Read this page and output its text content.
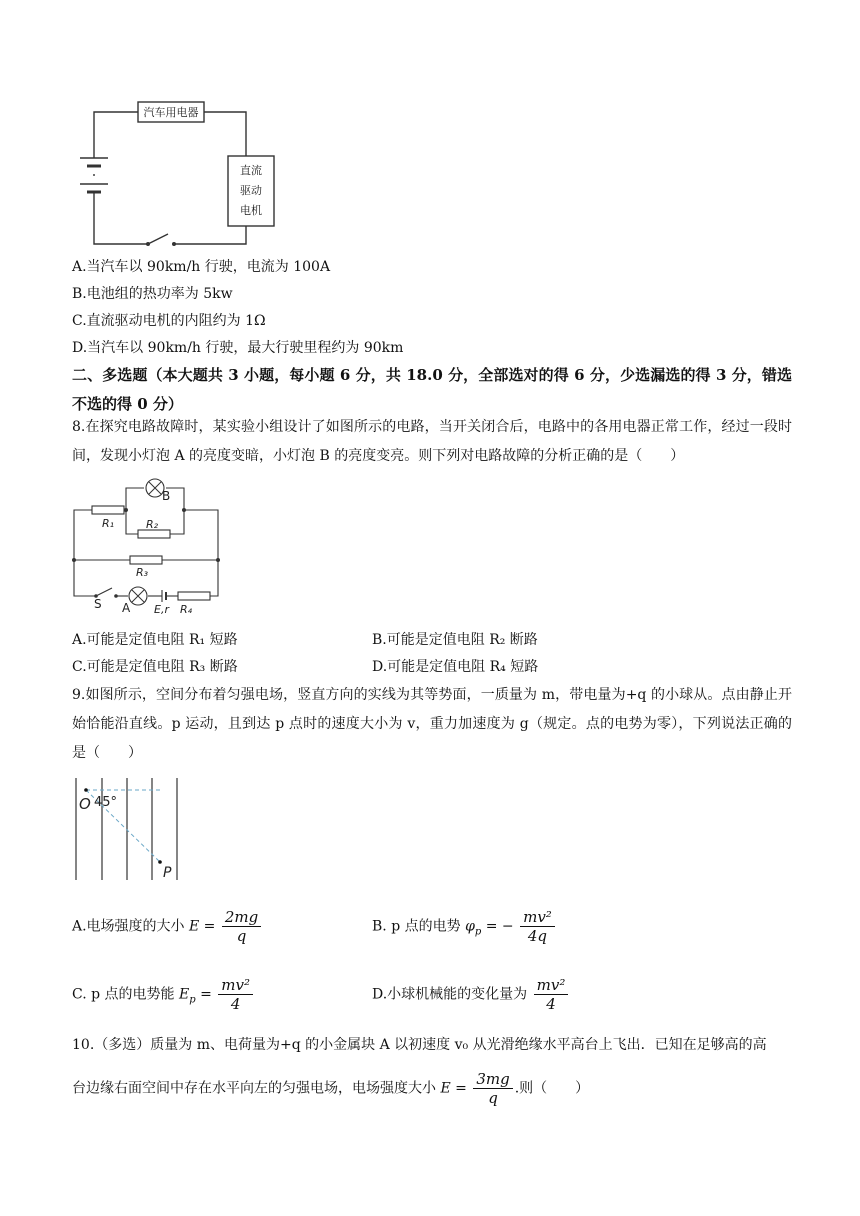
汽车用电器
直流
驱动
电机
A.当汽车以 90km/h 行驶，电流为 100A
B.电池组的热功率为 5kw
C.直流驱动电机的内阻约为 1Ω
D.当汽车以 90km/h 行驶，最大行驶里程约为 90km
二、多选题（本大题共 3 小题，每小题 6 分，共 18.0 分，全部选对的得 6 分，少选漏选的得 3 分，错选不选的得 0 分）
8.在探究电路故障时，某实验小组设计了如图所示的电路，当开关闭合后，电路中的各用电器正常工作，经过一段时间，发现小灯泡 A 的亮度变暗，小灯泡 B 的亮度变亮。则下列对电路故障的分析正确的是（　　）
R₁	R₂
R₃
R₄
B
A
S	E,r
A.可能是定值电阻 R₁ 短路	B.可能是定值电阻 R₂ 断路
C.可能是定值电阻 R₃ 断路	D.可能是定值电阻 R₄ 短路
9.如图所示，空间分布着匀强电场，竖直方向的实线为其等势面，一质量为 m，带电量为+q 的小球从。点由静止开始恰能沿直线。p 运动，且到达 p 点时的速度大小为 v，重力加速度为 g（规定。点的电势为零），下列说法正确的是（　　）
O 45°
P
A.电场强度的大小 $E = \frac{2mg}{q}$	B. p 点的电势 $\varphi_p$ = − $\frac{\text{mv²}}{4q}$
C. p 点的电势能 $E_p = \frac{\text{mv²}}{4}$	D.小球机械能的变化量为 $\frac{\text{mv²}}{4}$
10.（多选）质量为 m、电荷量为+q 的小金属块 A 以初速度 v₀ 从光滑绝缘水平高台上飞出．已知在足够高的高
台边缘右面空间中存在水平向左的匀强电场，电场强度大小 $E = \frac{3mg}{q}$ .则（　　）
